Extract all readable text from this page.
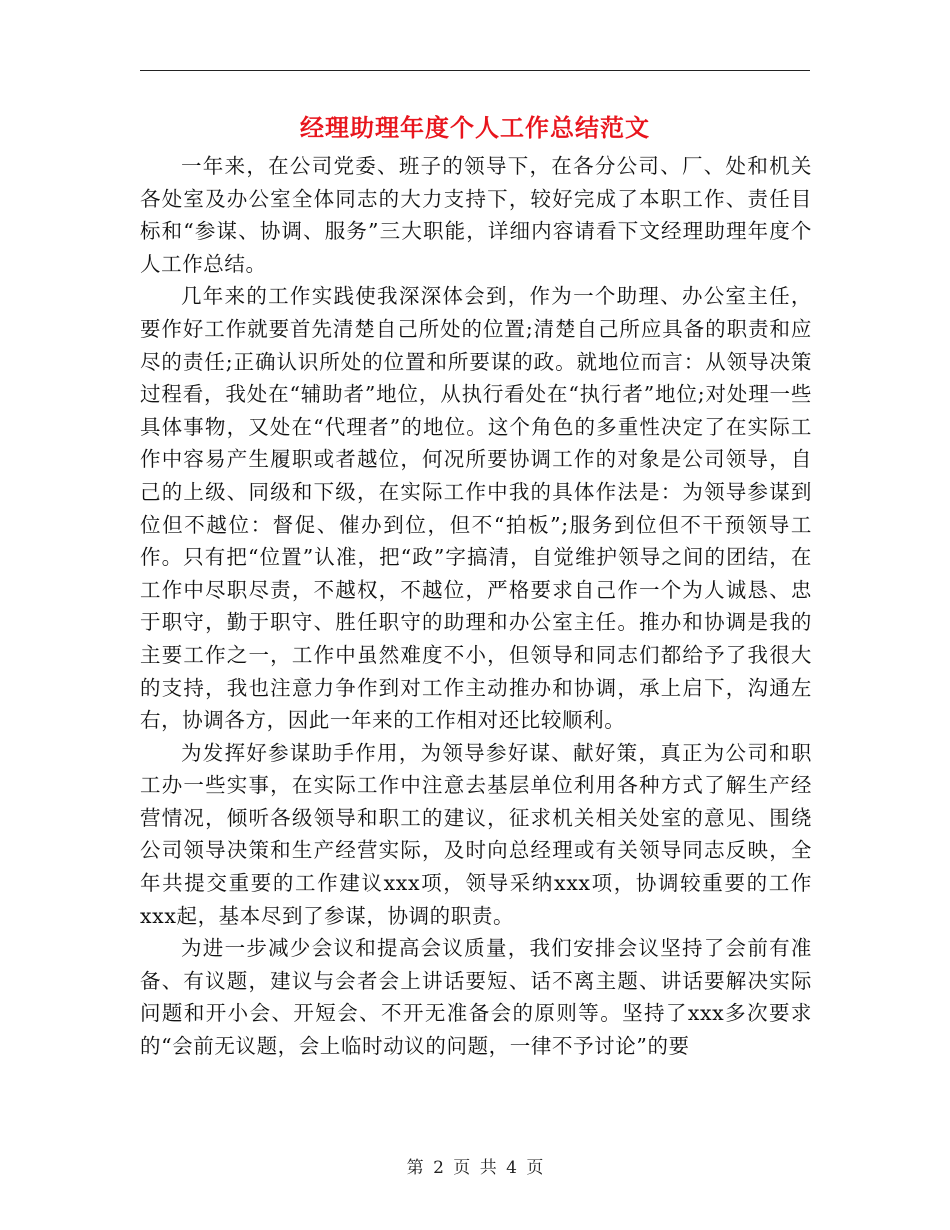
经理助理年度个人工作总结范文

一年来，在公司党委、班子的领导下，在各分公司、厂、处和机关各处室及办公室全体同志的大力支持下，较好完成了本职工作、责任目标和“参谋、协调、服务”三大职能，详细内容请看下文经理助理年度个人工作总结。

几年来的工作实践使我深深体会到，作为一个助理、办公室主任，要作好工作就要首先清楚自己所处的位置;清楚自己所应具备的职责和应尽的责任;正确认识所处的位置和所要谋的政。就地位而言：从领导决策过程看，我处在“辅助者”地位，从执行看处在“执行者”地位;对处理一些具体事物，又处在“代理者”的地位。这个角色的多重性决定了在实际工作中容易产生履职或者越位，何况所要协调工作的对象是公司领导，自己的上级、同级和下级，在实际工作中我的具体作法是：为领导参谋到位但不越位：督促、催办到位，但不“拍板”;服务到位但不干预领导工作。只有把“位置”认准，把“政”字搞清，自觉维护领导之间的团结，在工作中尽职尽责，不越权，不越位，严格要求自己作一个为人诚恳、忠于职守，勤于职守、胜任职守的助理和办公室主任。推办和协调是我的主要工作之一，工作中虽然难度不小，但领导和同志们都给予了我很大的支持，我也注意力争作到对工作主动推办和协调，承上启下，沟通左右，协调各方，因此一年来的工作相对还比较顺利。

为发挥好参谋助手作用，为领导参好谋、献好策，真正为公司和职工办一些实事，在实际工作中注意去基层单位利用各种方式了解生产经营情况，倾听各级领导和职工的建议，征求机关相关处室的意见、围绕公司领导决策和生产经营实际，及时向总经理或有关领导同志反映，全年共提交重要的工作建议xxx项，领导采纳xxx项，协调较重要的工作xxx起，基本尽到了参谋，协调的职责。

为进一步减少会议和提高会议质量，我们安排会议坚持了会前有准备、有议题，建议与会者会上讲话要短、话不离主题、讲话要解决实际问题和开小会、开短会、不开无准备会的原则等。坚持了xxx多次要求的“会前无议题，会上临时动议的问题，一律不予讨论”的要

第 2 页 共 4 页
